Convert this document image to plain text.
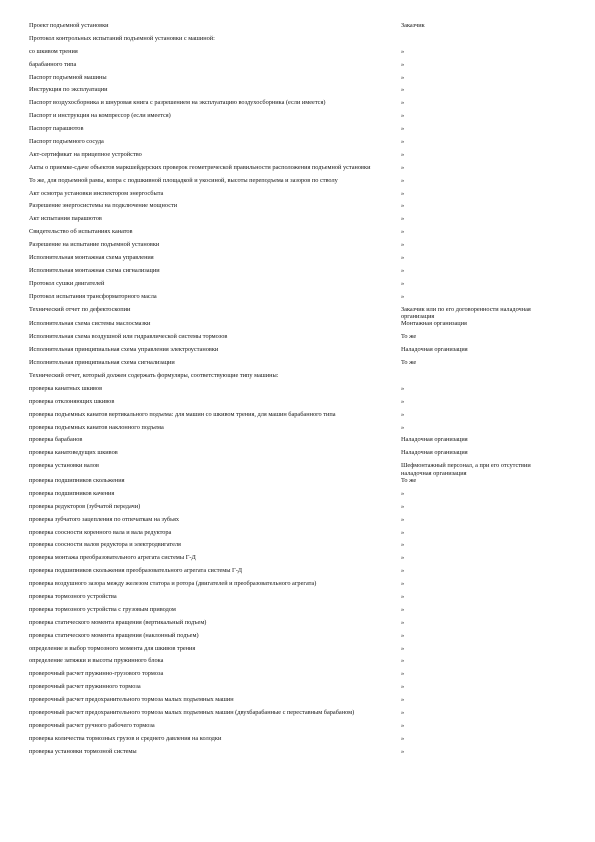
Проект подъемной установки	Заказчик
Протокол контрольных испытаний подъемной установки с машиной:
со шкивом трения	»
барабанного типа	»
Паспорт подъемной машины	»
Инструкция по эксплуатации	»
Паспорт воздухосборника и шнуровая книга с разрешением на эксплуатацию воздухосборника (если имеется)	»
Паспорт и инструкция на компрессор (если имеется)	»
Паспорт парашютов	»
Паспорт подъемного сосуда	»
Акт-сертификат на прицепное устройство	»
Акты о приемке-сдаче объектов маркшейдерских проверок геометрической правильности расположения подъемной установки	»
То же, для подъемной рамы, копра с подшкивной площадкой и укосиной, высоты переподъема и зазоров по стволу	»
Акт осмотра установки инспектором энергосбыта	»
Разрешение энергосистемы на подключение мощности	»
Акт испытания парашютов	»
Свидетельство об испытаниях канатов	»
Разрешение на испытание подъемной установки	»
Исполнительная монтажная схема управления	»
Исполнительная монтажная схема сигнализации	»
Протокол сушки двигателей	»
Протокол испытания трансформаторного масла	»
Технический отчет по дефектоскопии	Заказчик или по его договоренности наладочная организация
Исполнительная схема системы маслосмазки	Монтажная организация
Исполнительная схема воздушной или гидравлической системы тормозов	То же
Исполнительная принципиальная схема управления электроустановки	Наладочная организация
Исполнительная принципиальная схема сигнализации	То же
Технический отчет, который должен содержать формуляры, соответствующие типу машины:
проверка канатных шкивов	»
проверка отклоняющих шкивов	»
проверка подъемных канатов вертикального подъема: для машин со шкивом трения, для машин барабанного типа	»
проверка подъемных канатов наклонного подъема	»
проверка барабанов	Наладочная организация
проверка канатоведущих шкивов	Наладочная организация
проверка установки валов	Шефмонтажный персонал, а при его отсутствии наладочная организация
проверка подшипников скольжения	То же
проверка подшипников качения	»
проверка редукторов (зубчатой передачи)	»
проверка зубчатого зацепления по отпечаткам на зубьях	»
проверка соосности коренного вала и вала редуктора	»
проверка соосности валов редуктора и электродвигателя	»
проверка монтажа преобразовательного агрегата системы Г-Д	»
проверка подшипников скольжения преобразовательного агрегата системы Г-Д	»
проверка воздушного зазора между железом статора и ротора (двигателей и преобразовательного агрегата)	»
проверка тормозного устройства	»
проверка тормозного устройства с грузовым приводом	»
проверка статического момента вращения (вертикальный подъем)	»
проверка статического момента вращения (наклонный подъем)	»
определение и выбор тормозного момента для шкивов трения	»
определение затяжки и высоты пружинного блока	»
проверочный расчет пружинно-грузового тормоза	»
проверочный расчет пружинного тормоза	»
проверочный расчет предохранительного тормоза малых подъемных машин	»
проверочный расчет предохранительного тормоза малых подъемных машин (двухбарабанные с переставным барабаном)	»
проверочный расчет ручного рабочего тормоза	»
проверка количества тормозных грузов и среднего давления на колодки	»
проверка установки тормозной системы	»
